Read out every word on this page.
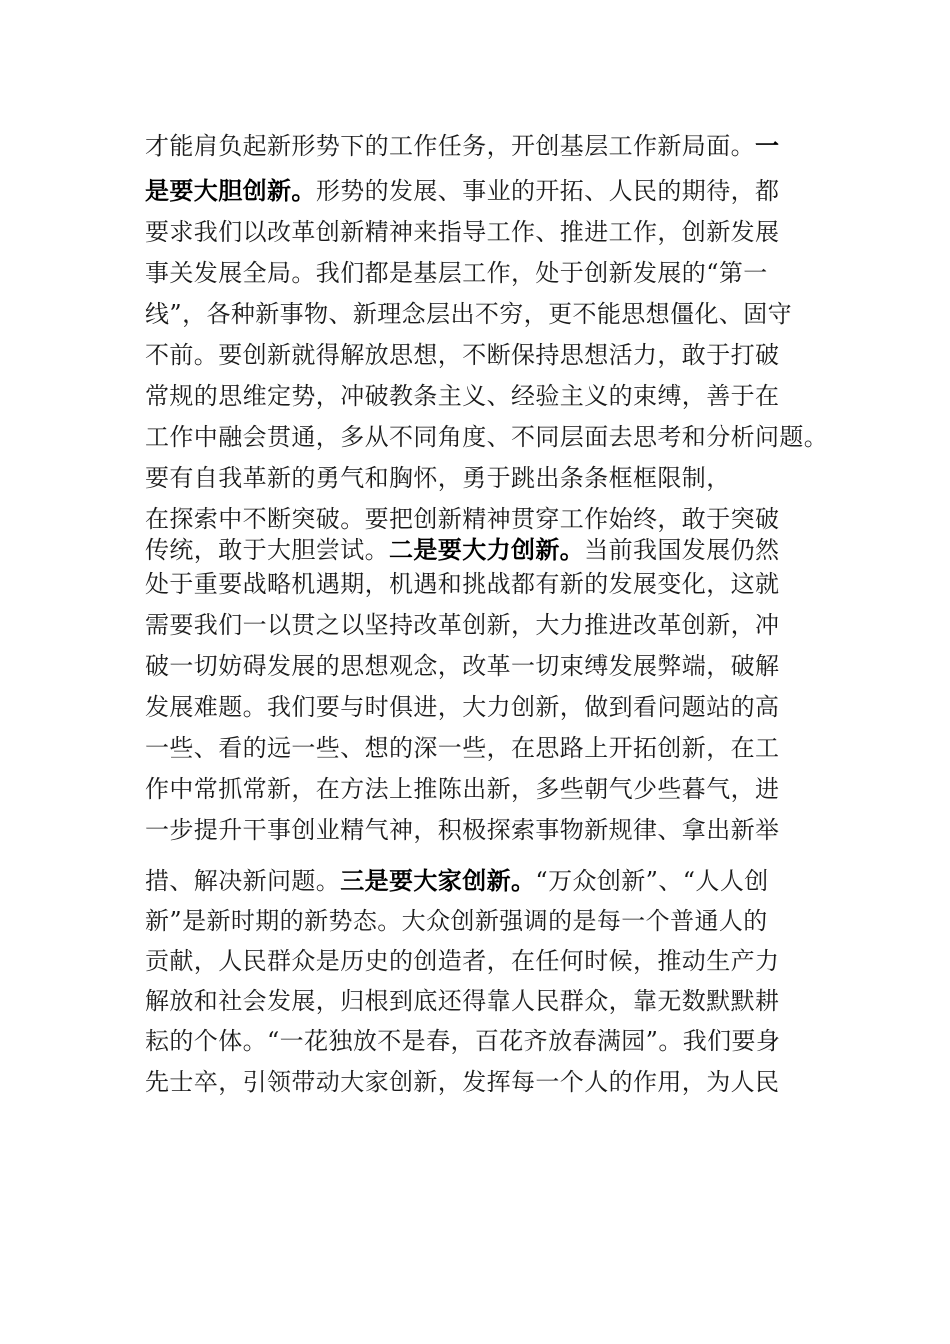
才能肩负起新形势下的工作任务，开创基层工作新局面。一
是要大胆创新。形势的发展、事业的开拓、人民的期待，都
要求我们以改革创新精神来指导工作、推进工作，创新发展
事关发展全局。我们都是基层工作，处于创新发展的“第一
线”，各种新事物、新理念层出不穷，更不能思想僵化、固守
不前。要创新就得解放思想，不断保持思想活力，敢于打破
常规的思维定势，冲破教条主义、经验主义的束缚，善于在
工作中融会贯通，多从不同角度、不同层面去思考和分析问题。
要有自我革新的勇气和胸怀，勇于跳出条条框框限制，
在探索中不断突破。要把创新精神贯穿工作始终，敢于突破
传统，敢于大胆尝试。二是要大力创新。当前我国发展仍然
处于重要战略机遇期，机遇和挑战都有新的发展变化，这就
需要我们一以贯之以坚持改革创新，大力推进改革创新，冲
破一切妨碍发展的思想观念，改革一切束缚发展弊端，破解
发展难题。我们要与时俱进，大力创新，做到看问题站的高
一些、看的远一些、想的深一些，在思路上开拓创新，在工
作中常抓常新，在方法上推陈出新，多些朝气少些暮气，进
一步提升干事创业精气神，积极探索事物新规律、拿出新举
措、解决新问题。三是要大家创新。“万众创新”、“人人创
新”是新时期的新势态。大众创新强调的是每一个普通人的
贡献，人民群众是历史的创造者，在任何时候，推动生产力
解放和社会发展，归根到底还得靠人民群众，靠无数默默耕
耘的个体。“一花独放不是春，百花齐放春满园”。我们要身
先士卒，引领带动大家创新，发挥每一个人的作用，为人民
